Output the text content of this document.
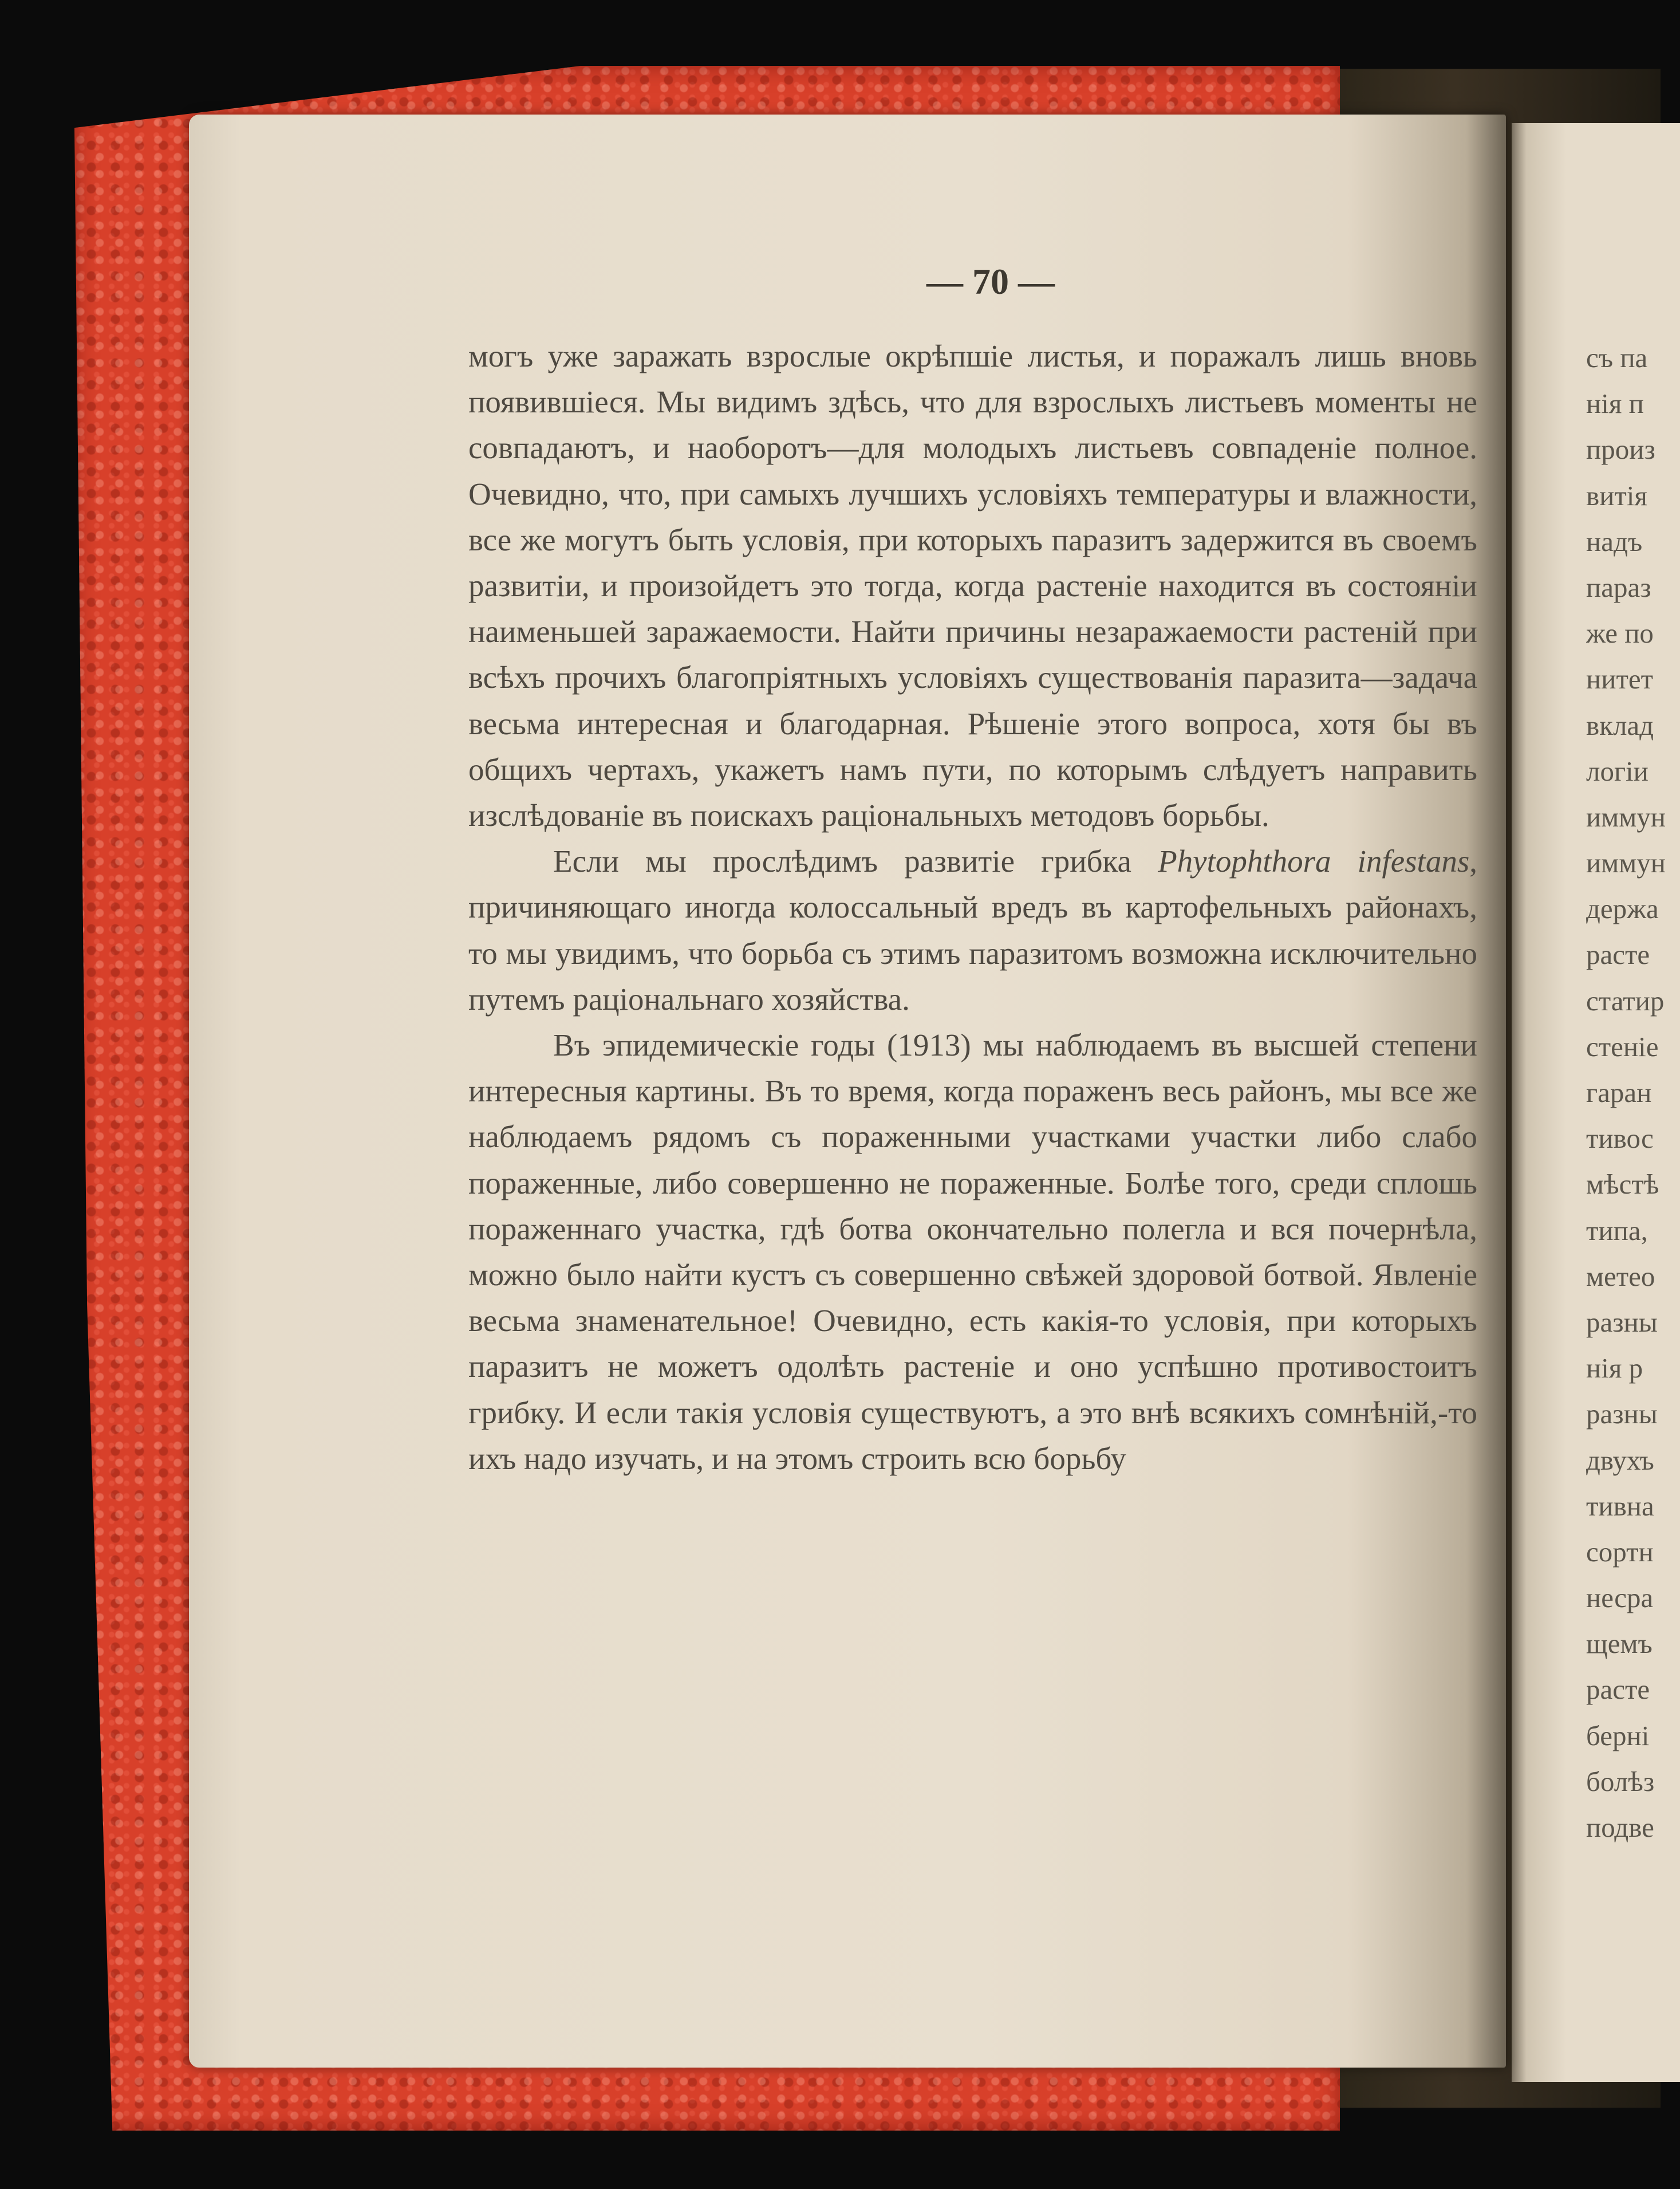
съ па
нія п
произ
витія
надъ
параз
же по
нитет
вклад
логіи
иммун
иммун
держа
расте
статир
стеніе
гаран
тивос
мѣстѣ
типа,
метео
разны
нія р
разны
двухъ
тивна
сортн
несра
щемъ
расте
берні
болѣз
подве
— 70 —

могъ уже заражать взрослые окрѣпшіе листья, и поражалъ лишь вновь появившіеся. Мы видимъ здѣсь, что для взрослыхъ листьевъ моменты не совпадаютъ, и наоборотъ—для молодыхъ листьевъ совпаденіе полное. Очевидно, что, при самыхъ лучшихъ условіяхъ температуры и влажности, все же могутъ быть условія, при которыхъ паразитъ задержится въ своемъ развитіи, и произойдетъ это тогда, когда растеніе находится въ состояніи наименьшей заражаемости. Найти причины незаражаемости растеній при всѣхъ прочихъ благопріятныхъ условіяхъ существованія паразита—задача весьма интересная и благодарная. Рѣшеніе этого вопроса, хотя бы въ общихъ чертахъ, укажетъ намъ пути, по которымъ слѣдуетъ направить изслѣдованіе въ поискахъ раціональныхъ методовъ борьбы.

Если мы прослѣдимъ развитіе грибка Phytophthora infestans, причиняющаго иногда колоссальный вредъ въ картофельныхъ районахъ, то мы увидимъ, что борьба съ этимъ паразитомъ возможна исключительно путемъ раціональнаго хозяйства.

Въ эпидемическіе годы (1913) мы наблюдаемъ въ высшей степени интересныя картины. Въ то время, когда пораженъ весь районъ, мы все же наблюдаемъ рядомъ съ пораженными участками участки либо слабо пораженные, либо совершенно не пораженные. Болѣе того, среди сплошь пораженнаго участка, гдѣ ботва окончательно полегла и вся почернѣла, можно было найти кустъ съ совершенно свѣжей здоровой ботвой. Явленіе весьма знаменательное! Очевидно, есть какія-то условія, при которыхъ паразитъ не можетъ одолѣть растеніе и оно успѣшно противостоитъ грибку. И если такія условія существуютъ, а это внѣ всякихъ сомнѣній,-то ихъ надо изучать, и на этомъ строить всю борьбу
